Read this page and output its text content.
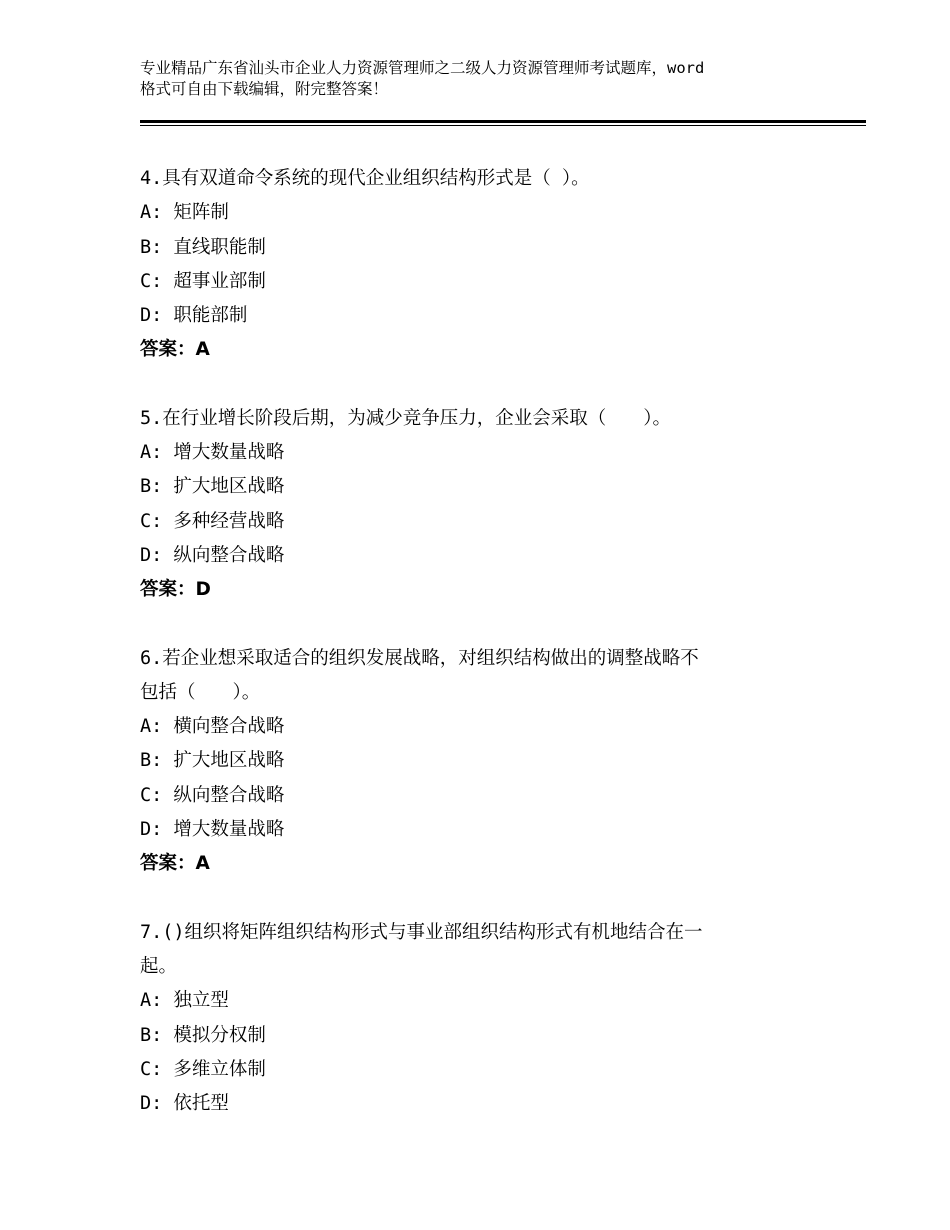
专业精品广东省汕头市企业人力资源管理师之二级人力资源管理师考试题库，word
格式可自由下载编辑，附完整答案！
4.具有双道命令系统的现代企业组织结构形式是（ ）。
A: 矩阵制
B: 直线职能制
C: 超事业部制
D: 职能部制
答案：A
5.在行业增长阶段后期，为减少竞争压力，企业会采取（　　）。
A: 增大数量战略
B: 扩大地区战略
C: 多种经营战略
D: 纵向整合战略
答案：D
6.若企业想采取适合的组织发展战略，对组织结构做出的调整战略不
包括（　　）。
A: 横向整合战略
B: 扩大地区战略
C: 纵向整合战略
D: 增大数量战略
答案：A
7.()组织将矩阵组织结构形式与事业部组织结构形式有机地结合在一
起。
A: 独立型
B: 模拟分权制
C: 多维立体制
D: 依托型
